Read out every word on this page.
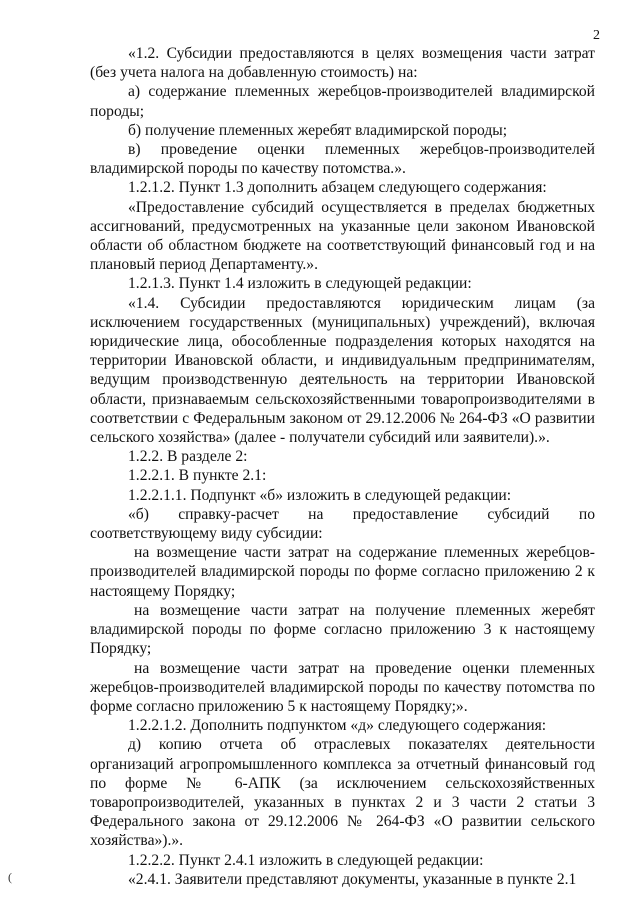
2

«1.2. Субсидии предоставляются в целях возмещения части затрат (без учета налога на добавленную стоимость) на:

а) содержание племенных жеребцов-производителей владимирской породы;

б) получение племенных жеребят владимирской породы;

в) проведение оценки племенных жеребцов-производителей владимирской породы по качеству потомства.».

1.2.1.2. Пункт 1.3 дополнить абзацем следующего содержания:

«Предоставление субсидий осуществляется в пределах бюджетных ассигнований, предусмотренных на указанные цели законом Ивановской области об областном бюджете на соответствующий финансовый год и на плановый период Департаменту.».

1.2.1.3. Пункт 1.4 изложить в следующей редакции:

«1.4. Субсидии предоставляются юридическим лицам (за исключением государственных (муниципальных) учреждений), включая юридические лица, обособленные подразделения которых находятся на территории Ивановской области, и индивидуальным предпринимателям, ведущим производственную деятельность на территории Ивановской области, признаваемым сельскохозяйственными товаропроизводителями в соответствии с Федеральным законом от 29.12.2006 № 264-ФЗ «О развитии сельского хозяйства» (далее - получатели субсидий или заявители).».

1.2.2. В разделе 2:

1.2.2.1. В пункте 2.1:

1.2.2.1.1. Подпункт «б» изложить в следующей редакции:

«б) справку-расчет на предоставление субсидий по соответствующему виду субсидии:

на возмещение части затрат на содержание племенных жеребцов-производителей владимирской породы по форме согласно приложению 2 к настоящему Порядку;

на возмещение части затрат на получение племенных жеребят владимирской породы по форме согласно приложению 3 к настоящему Порядку;

на возмещение части затрат на проведение оценки племенных жеребцов-производителей владимирской породы по качеству потомства по форме согласно приложению 5 к настоящему Порядку;».

1.2.2.1.2. Дополнить подпунктом «д» следующего содержания:

д) копию отчета об отраслевых показателях деятельности организаций агропромышленного комплекса за отчетный финансовый год по форме № 6-АПК (за исключением сельскохозяйственных товаропроизводителей, указанных в пунктах 2 и 3 части 2 статьи 3 Федерального закона от 29.12.2006 № 264-ФЗ «О развитии сельского хозяйства»).».

1.2.2.2. Пункт 2.4.1 изложить в следующей редакции:

«2.4.1. Заявители представляют документы, указанные в пункте 2.1

(
